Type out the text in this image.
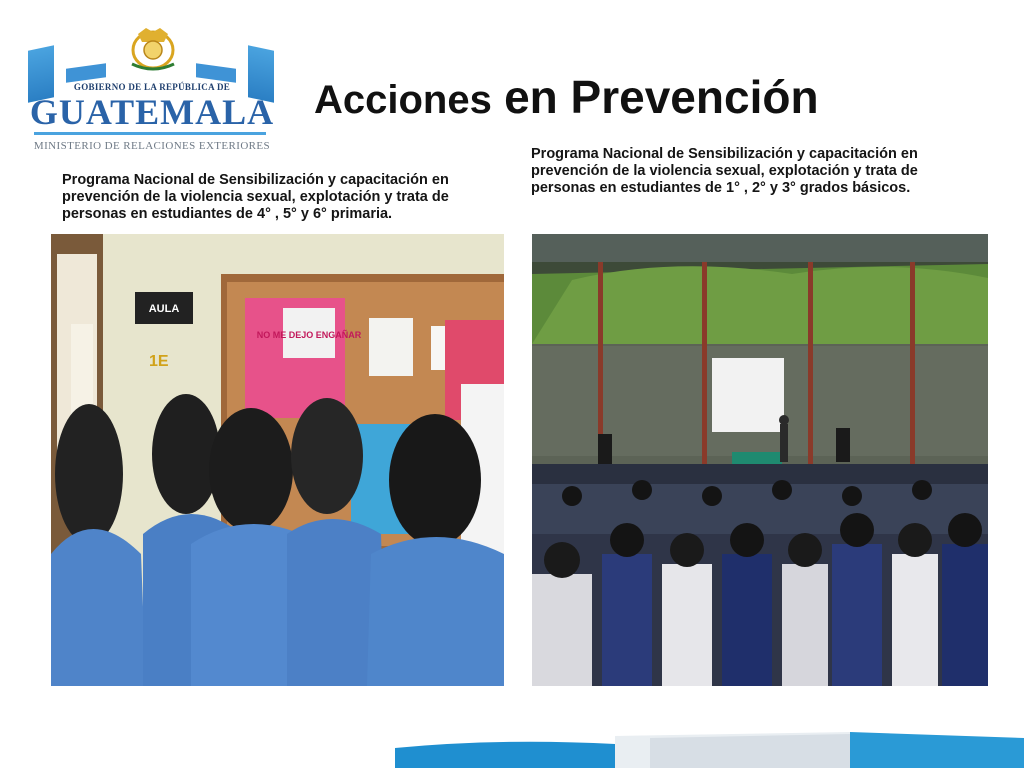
GOBIERNO DE LA REPÚBLICA DE
GUATEMALA
MINISTERIO DE RELACIONES EXTERIORES
Acciones en Prevención

Programa Nacional de Sensibilización y capacitación en prevención de la violencia sexual, explotación y trata de personas en estudiantes de 4° , 5° y 6° primaria.

Programa Nacional de Sensibilización y capacitación en prevención de la violencia sexual, explotación y trata de personas en estudiantes de 1° , 2° y 3° grados básicos.

NO ME DEJO ENGAÑAR
AULA
1E
